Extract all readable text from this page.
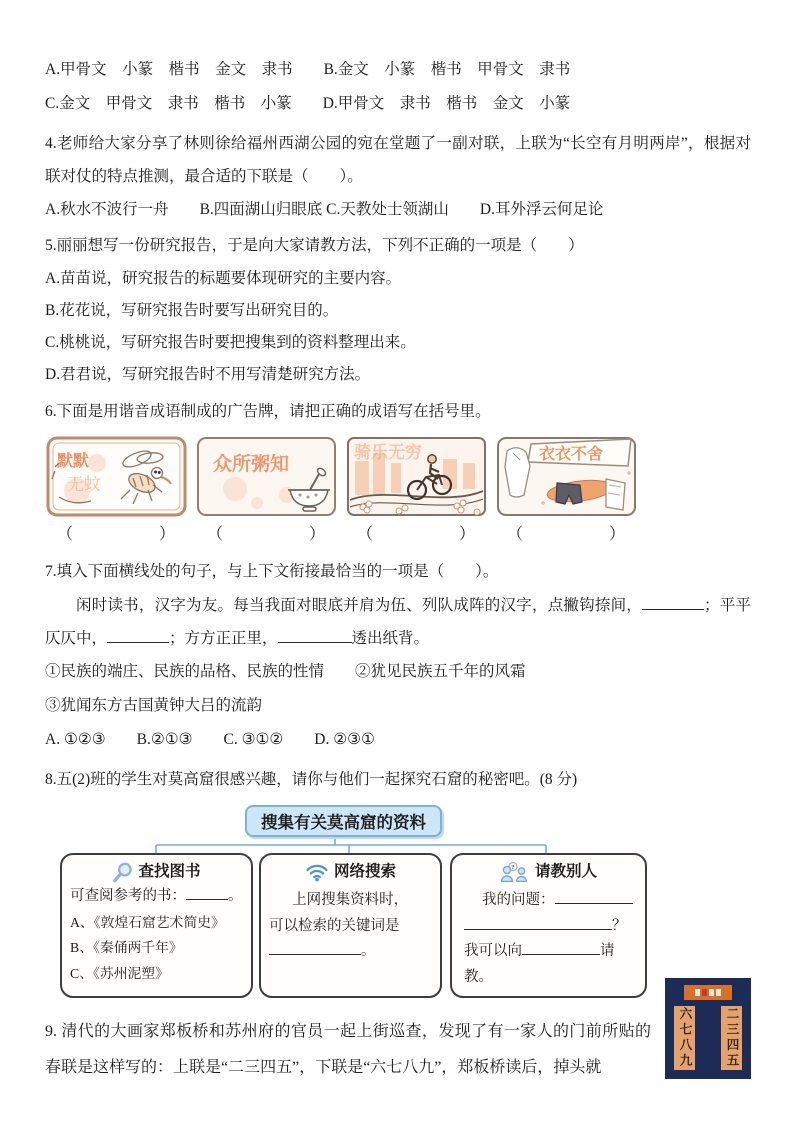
A.甲骨文　小篆　楷书　金文　隶书　　B.金文　小篆　楷书　甲骨文　隶书
C.金文　甲骨文　隶书　楷书　小篆　　D.甲骨文　隶书　楷书　金文　小篆
4.老师给大家分享了林则徐给福州西湖公园的宛在堂题了一副对联，上联为“长空有月明两岸”，根据对联对仗的特点推测，最合适的下联是（　　）。
A.秋水不波行一舟　　B.四面湖山归眼底 C.天教处士领湖山　　D.耳外浮云何足论
5.丽丽想写一份研究报告，于是向大家请教方法，下列不正确的一项是（　　）
A.苗苗说，研究报告的标题要体现研究的主要内容。
B.花花说，写研究报告时要写出研究目的。
C.桃桃说，写研究报告时要把搜集到的资料整理出来。
D.君君说，写研究报告时不用写清楚研究方法。
6.下面是用谐音成语制成的广告牌，请把正确的成语写在括号里。
默默
无蚊
众所粥知
骑乐无穷	衣衣不舍
（　　　　　）	（　　　　　）	（　　　　　）	（　　　　　）
7.填入下面横线处的句子，与上下文衔接最恰当的一项是（　　）。
闲时读书，汉字为友。每当我面对眼底并肩为伍、列队成阵的汉字，点撇钩捺间，	；平平仄仄中，	；方方正正里，	透出纸背。
①民族的端庄、民族的品格、民族的性情　　②犹见民族五千年的风霜
③犹闻东方古国黄钟大吕的流韵
A. ①②③　　B.②①③　　C. ③①②　　D. ②③①
8.五(2)班的学生对莫高窟很感兴趣，请你与他们一起探究石窟的秘密吧。(8 分)
搜集有关莫高窟的资料
查找图书
可查阅参考的书：	。
A、《敦煌石窟艺术简史》
B、《秦俑两千年》
C、《苏州泥塑》
网络搜索
上网搜集资料时，
可以检索的关键词是
。
? 请教别人
我的问题：
？
我可以向	请教。
六七八九	二三四五
9. 清代的大画家郑板桥和苏州府的官员一起上街巡查，发现了有一家人的门前所贴的春联是这样写的：上联是“二三四五”，下联是“六七八九”，郑板桥读后，掉头就
